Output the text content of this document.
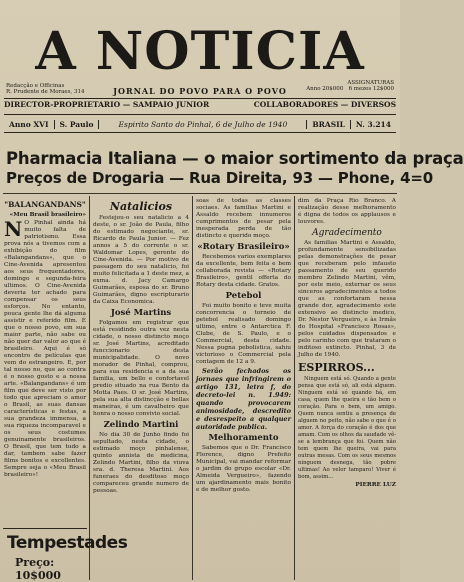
A NOTICIA
Redacção e Officinas
R. Prudente de Moraes, 314	JORNAL DO POVO PARA O POVO
ASSIGNATURAS
Anno 20$000 6 mezes 12$000
DIRECTOR-PROPRIETARIO — SAMPAIO JUNIOR	COLLABORADORES — DIVERSOS
Anno XVI	S. Paulo	Espirito Santo do Pinhal, 6 de Julho de 1940	BRASIL	N. 3.214
Pharmacia Italiana — o maior sortimento da praça
Preços de Drogaria — Rua Direita, 93 — Phone, 4=0
"BALANGANDANS"

«Meu Brasil brasileiro»

N O Pinhal ainda há muito falta de patriotismo. Essa prova nós a tivemos com a exhibição do film «Balangandans», que o Cine-Avenida apresentou aos seus frequentadores, domingo e segunda-feira ultimos. O Cine-Avenida deveria ter achado para compensar os seus esforços. No entanto, pouca gente lhe dá alguma assistir e referido film. É que o nosso povo, em sua maior parte, não sabe ou não quer dar valor ao que é brasileiro. Aqui é só encontro de películas que vem do estrangeiro. E, por tal nosso no, que ao contra é o nosso gosto e a nossa arte. «Balangandans» é um film que deve ser visto por todo que apreciam o amor o Brasil, as suas dansas características e festas, a sua grandeza immensa, a sua riqueza incomparavel e os seus costumes genuinamente brasileiros. O Brasil, que tem tudo a dar, tambem sabe fazer films bonitos e excellentes. Sempre seja o «Meu Brasil brasileiro»!

Tempestades
Preço: 10$000
Natalicios

Festejou-o seu natalicio a 4 deste, o sr. João de Paula, filho do estimado negociante, sr. Ricardo de Paula Junior. — Fez annos a 5 do corrente o sr. Waldomar Lopes, gerente do Cine-Avenida. — Por motivo de passagem do seu natalicio, foi muito felicitada a 1 deste mez, a exma. d. Jacy Camargo Guimarães, esposa do sr. Bruno Guimarães, digno escripturario da Caixa Economica.

José Martins

Folgamos em registrar que está residindo outra vez nesta cidade, o nosso distincto moço sr. José Martins, acreditado funccionario desta municipalidade. O novo morador de Pinhal, comprou, para sua residencia e a da sua familia, um bello e confortavel predio situado na rua Bento da Motta Paes. O sr. José Martins, pela sua alta distincção e bellas maneiras, é um cavalheiro que honra o nosso convivio social.

Zelindo Martini

No dia 30 de Junho findo foi sepultado, nesta cidade, o estimado moço pinhalense, quinto annista de medicina, Zelindo Martini, filho da viuva sra. d. Theresa Martini. Aos funeraes do desditoso moço compareceu grande numero de pessoas.

soas de todas as classes sociaes. As familias Martini e Assaldo recebem innumeros cumprimentos de pesar pela inesperada perda de tão distincto e querido moço.

«Rotary Brasileiro»

Recebemos varios exemplares da excellente, bem feita e bem collaborada revista — «Rotary Brasileiro», gentil offerta do Rotary desta cidade. Gratos.

Petebol

Foi muito bonito e teve muita concorrencia o torneio de petebol realisado domingo ultimo, entre o Antarctica F. Clube, de S. Paulo, e o Commercial, desta cidade. Nessa pugna pebolistica, sahiu victorioso o Commercial pela contagem de 12 a 9.

Serão fechados os jornaes que infringirem o artigo 131, letra f, do decreto-lei n. 1.949: quando provocarem animosidade, descredito e desrespeito a qualquer autoridade publica.

Melhoramento

Sabemos que o Dr. Francisco Florence, digno Prefeito Municipal, vai mandar reformar o jardim do grupo escolar «Dr. Almeida Vergueiro», fazendo um ajardinamento mais bonito e de melhor gosto.

dim da Praça Rio Branco. A realização desse melhoramento é digna de todos os applausos e louvores.

Agradecimento

As familias Martini e Assaldo, profundamente sensibilizadas pelas demonstrações de pesar que receberam pelo infausto passamento de seu querido membro Zelindo Martini, vêm, por este meio, externar os seus sinceros agradecimentos a todos que as confortaram nessa grande dor, agradecimento este extensivo ao distincto medico, Dr. Nestor Vergueiro, e às Irmãs do Hospital «Francisco Rosas», pelos cuidados dispensados e pelo carinho com que trataram o inditoso extincto. Pinhal, 3 de Julho de 1940.

ESPIRROS...

Ninguem está só. Quando a gente pensa que está só, ali está alguem. Ninguem está só quando há, em casa, quem lhe queira e tão bem o coração. Para o bem, um amigo. Quem nunca sentiu a presença de alguem no peito, não sabe o que é o amor. A força do coração é dos que amam. Com os olhos da saudade vê-se a lembrança que foi. Quem não tem quem lhe queira, vai para outras mesas. Com os seus mesmos ninguem desnega, tão pobre ultimas! Ao velor tamparo! Viver é bom, assim...

PIERRE LUZ
